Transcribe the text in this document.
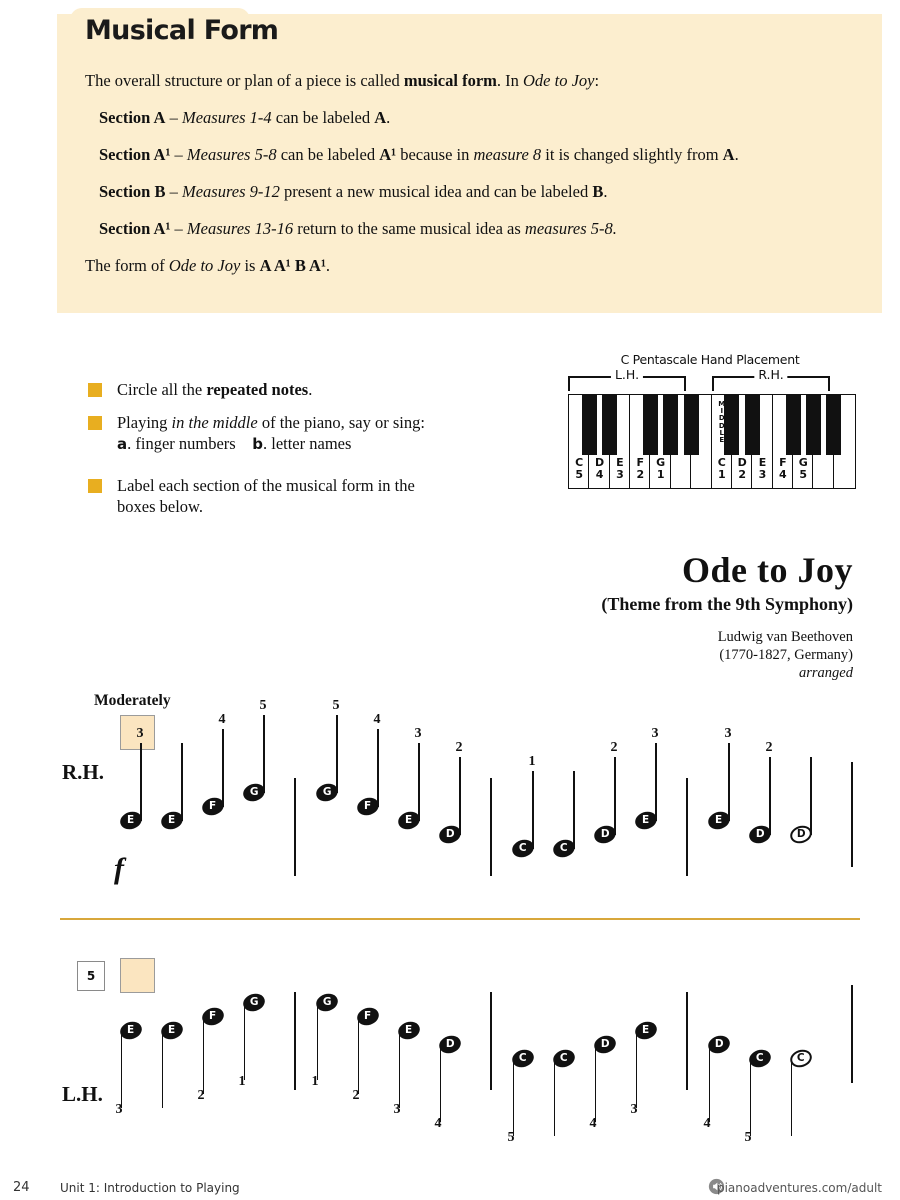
Musical Form
The overall structure or plan of a piece is called musical form. In Ode to Joy:
Section A – Measures 1-4 can be labeled A.
Section A¹ – Measures 5-8 can be labeled A¹ because in measure 8 it is changed slightly from A.
Section B – Measures 9-12 present a new musical idea and can be labeled B.
Section A¹ – Measures 13-16 return to the same musical idea as measures 5-8.
The form of Ode to Joy is A A¹ B A¹.
Circle all the repeated notes.
Playing in the middle of the piano, say or sing:
a. finger numbers b. letter names
Label each section of the musical form in the
boxes below.
C Pentascale Hand Placement
L.H.	R.H.
C
5
D
4
E
3
F
2
G
1
C
1
D
2
E
3
F
4
G
5
M
I
D
D
L
E
Ode to Joy
(Theme from the 9th Symphony)
Ludwig van Beethoven
(1770-1827, Germany)
arranged
Moderately
R.H.
f
E
3
E
F
4
G
5
G
5
F
4
E
3
D
2
C
1
C
D
2
E
3
E
3
D
2
D
5
L.H.
E
3
E
F
2
G
1
G
1
F
2
E
3
D
4
C
5
C
D
4
E
3
D
4
C
5
C
24	Unit 1: Introduction to Playing	pianoadventures.com/adult
